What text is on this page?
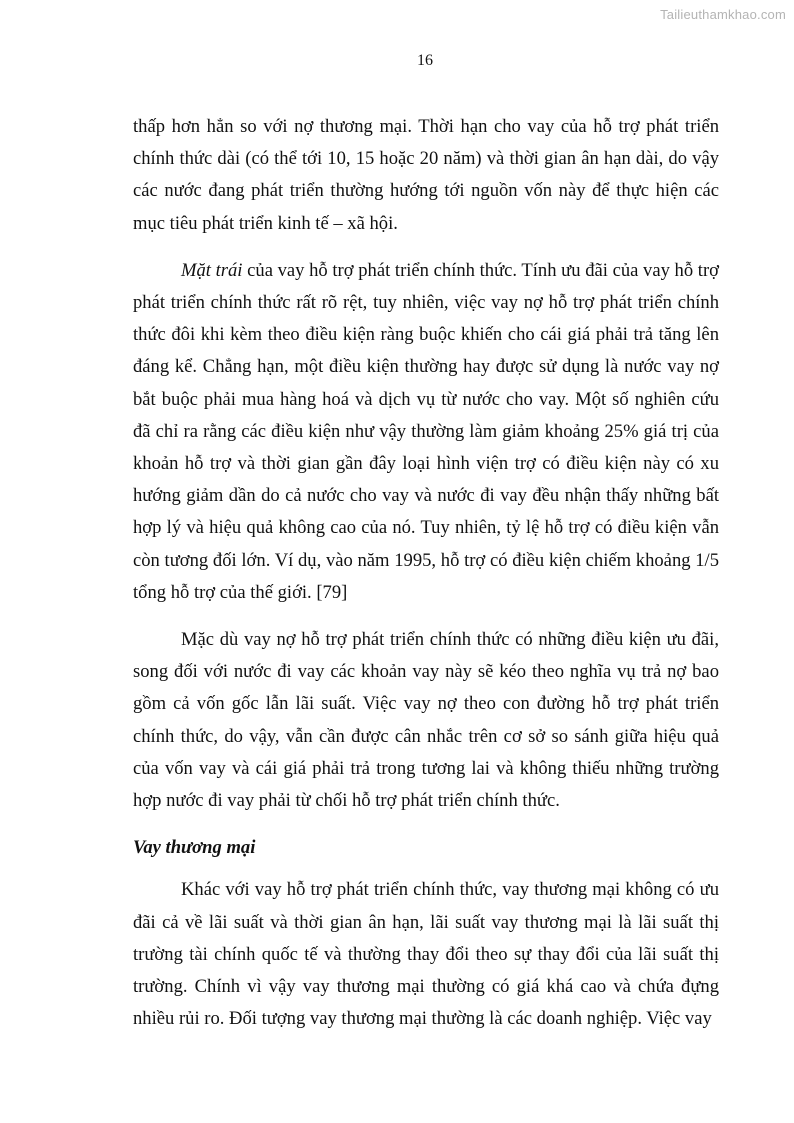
Tailieuthamkhao.com
16

thấp hơn hẳn so với nợ thương mại. Thời hạn cho vay của hỗ trợ phát triển chính thức dài (có thể tới 10, 15 hoặc 20 năm) và thời gian ân hạn dài, do vậy các nước đang phát triển thường hướng tới nguồn vốn này để thực hiện các mục tiêu phát triển kinh tế – xã hội.

Mặt trái của vay hỗ trợ phát triển chính thức. Tính ưu đãi của vay hỗ trợ phát triển chính thức rất rõ rệt, tuy nhiên, việc vay nợ hỗ trợ phát triển chính thức đôi khi kèm theo điều kiện ràng buộc khiến cho cái giá phải trả tăng lên đáng kể. Chẳng hạn, một điều kiện thường hay được sử dụng là nước vay nợ bắt buộc phải mua hàng hoá và dịch vụ từ nước cho vay. Một số nghiên cứu đã chỉ ra rằng các điều kiện như vậy thường làm giảm khoảng 25% giá trị của khoản hỗ trợ và thời gian gần đây loại hình viện trợ có điều kiện này có xu hướng giảm dần do cả nước cho vay và nước đi vay đều nhận thấy những bất hợp lý và hiệu quả không cao của nó. Tuy nhiên, tỷ lệ hỗ trợ có điều kiện vẫn còn tương đối lớn. Ví dụ, vào năm 1995, hỗ trợ có điều kiện chiếm khoảng 1/5 tổng hỗ trợ của thế giới. [79]

Mặc dù vay nợ hỗ trợ phát triển chính thức có những điều kiện ưu đãi, song đối với nước đi vay các khoản vay này sẽ kéo theo nghĩa vụ trả nợ bao gồm cả vốn gốc lẫn lãi suất. Việc vay nợ theo con đường hỗ trợ phát triển chính thức, do vậy, vẫn cần được cân nhắc trên cơ sở so sánh giữa hiệu quả của vốn vay và cái giá phải trả trong tương lai và không thiếu những trường hợp nước đi vay phải từ chối hỗ trợ phát triển chính thức.

Vay thương mại

Khác với vay hỗ trợ phát triển chính thức, vay thương mại không có ưu đãi cả về lãi suất và thời gian ân hạn, lãi suất vay thương mại là lãi suất thị trường tài chính quốc tế và thường thay đổi theo sự thay đổi của lãi suất thị trường. Chính vì vậy vay thương mại thường có giá khá cao và chứa đựng nhiều rủi ro. Đối tượng vay thương mại thường là các doanh nghiệp. Việc vay
